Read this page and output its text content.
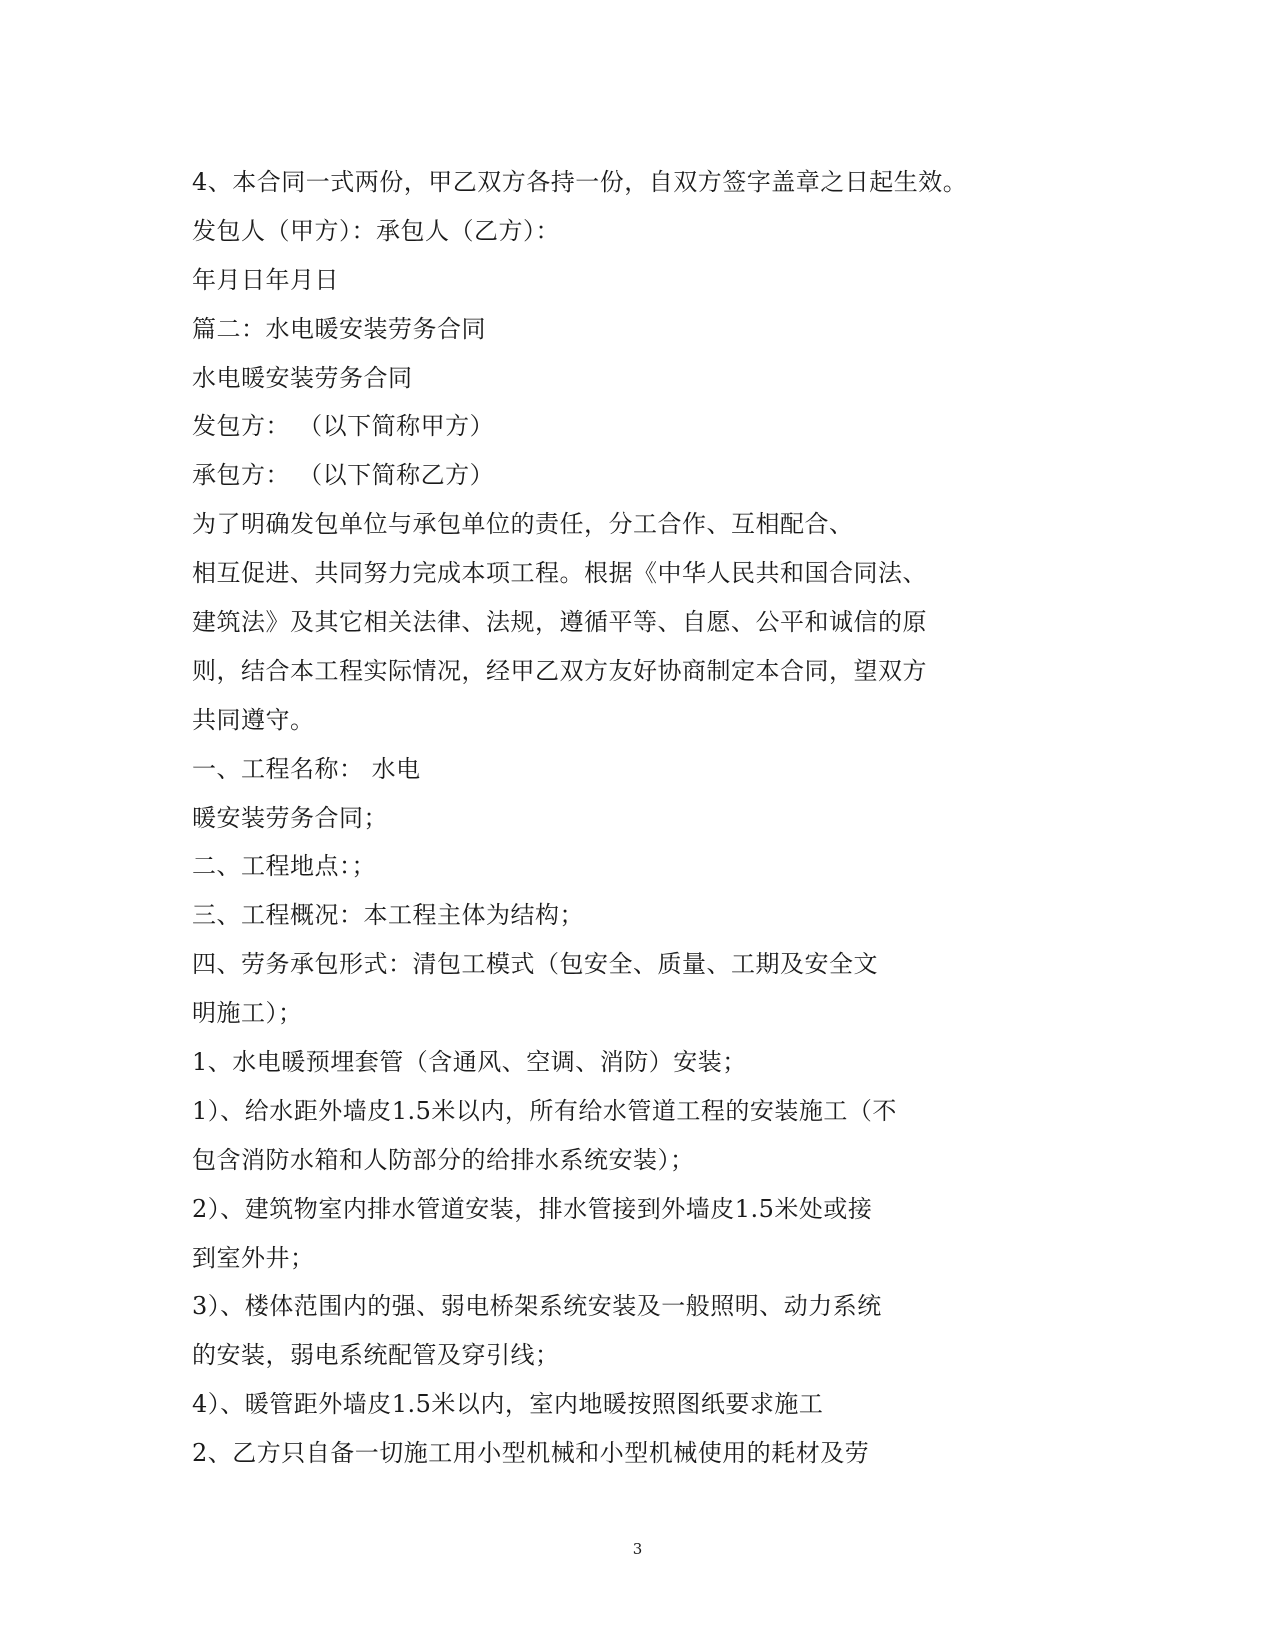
4、本合同一式两份，甲乙双方各持一份，自双方签字盖章之日起生效。
发包人（甲方）：承包人（乙方）：
年月日年月日
篇二：水电暖安装劳务合同
水电暖安装劳务合同
发包方： （以下简称甲方）
承包方： （以下简称乙方）
为了明确发包单位与承包单位的责任，分工合作、互相配合、
相互促进、共同努力完成本项工程。根据《中华人民共和国合同法、
建筑法》及其它相关法律、法规，遵循平等、自愿、公平和诚信的原
则，结合本工程实际情况，经甲乙双方友好协商制定本合同，望双方
共同遵守。
一、工程名称： 水电
暖安装劳务合同；
二、工程地点：；
三、工程概况：本工程主体为结构；
四、劳务承包形式：清包工模式（包安全、质量、工期及安全文
明施工）；
1、水电暖预埋套管（含通风、空调、消防）安装；
1）、给水距外墙皮1.5米以内，所有给水管道工程的安装施工（不
包含消防水箱和人防部分的给排水系统安装）；
2）、建筑物室内排水管道安装，排水管接到外墙皮1.5米处或接
到室外井；
3）、楼体范围内的强、弱电桥架系统安装及一般照明、动力系统
的安装，弱电系统配管及穿引线；
4）、暖管距外墙皮1.5米以内，室内地暖按照图纸要求施工
2、乙方只自备一切施工用小型机械和小型机械使用的耗材及劳
3
